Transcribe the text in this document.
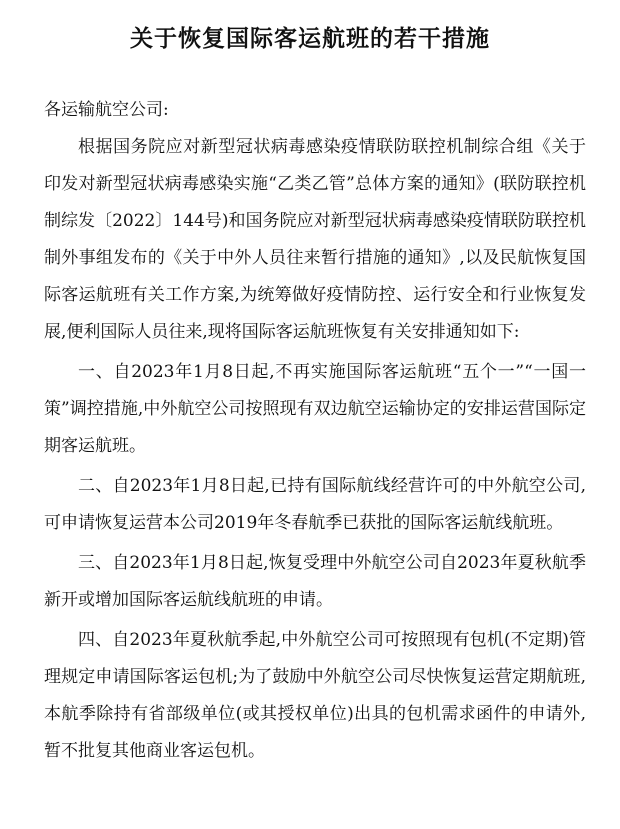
关于恢复国际客运航班的若干措施

各运输航空公司:

根据国务院应对新型冠状病毒感染疫情联防联控机制综合组《关于印发对新型冠状病毒感染实施“乙类乙管”总体方案的通知》(联防联控机制综发〔2022〕144号)和国务院应对新型冠状病毒感染疫情联防联控机制外事组发布的《关于中外人员往来暂行措施的通知》,以及民航恢复国际客运航班有关工作方案,为统筹做好疫情防控、运行安全和行业恢复发展,便利国际人员往来,现将国际客运航班恢复有关安排通知如下:

一、自2023年1月8日起,不再实施国际客运航班“五个一”“一国一策”调控措施,中外航空公司按照现有双边航空运输协定的安排运营国际定期客运航班。

二、自2023年1月8日起,已持有国际航线经营许可的中外航空公司,可申请恢复运营本公司2019年冬春航季已获批的国际客运航线航班。

三、自2023年1月8日起,恢复受理中外航空公司自2023年夏秋航季新开或增加国际客运航线航班的申请。

四、自2023年夏秋航季起,中外航空公司可按照现有包机(不定期)管理规定申请国际客运包机;为了鼓励中外航空公司尽快恢复运营定期航班,本航季除持有省部级单位(或其授权单位)出具的包机需求函件的申请外,暂不批复其他商业客运包机。
